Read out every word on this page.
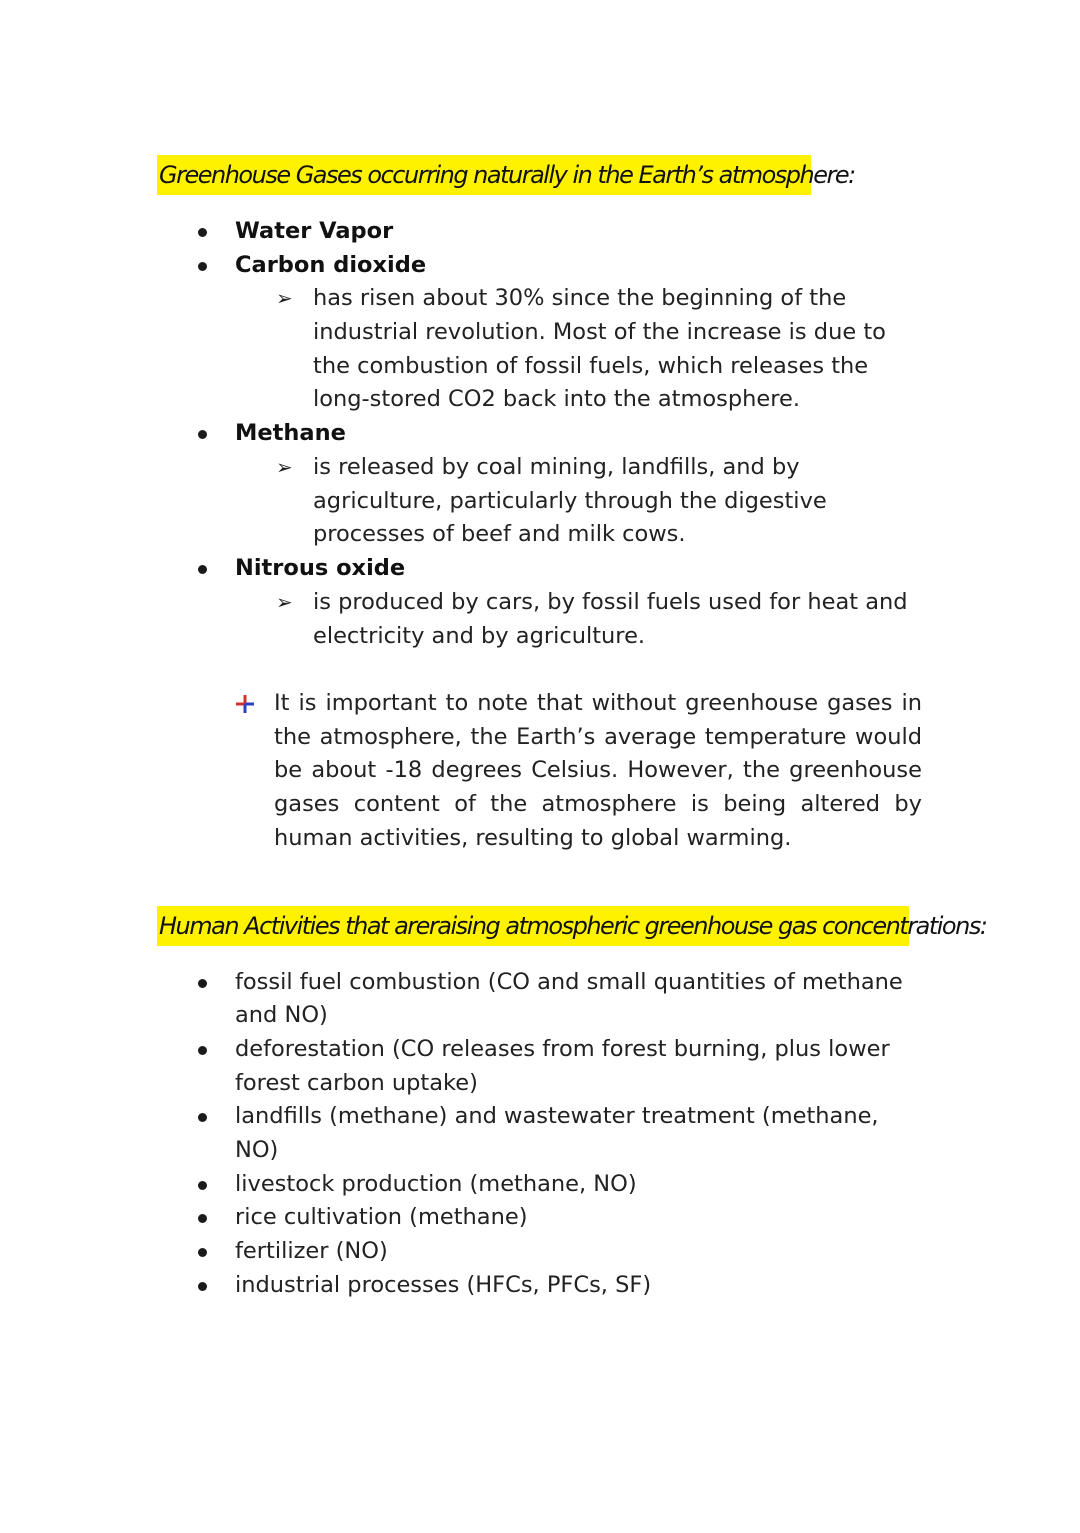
Greenhouse Gases occurring naturally in the Earth’s atmosphere:
Water Vapor
Carbon dioxide
➢ has risen about 30% since the beginning of the
industrial revolution. Most of the increase is due to
the combustion of fossil fuels, which releases the
long-stored CO2 back into the atmosphere.
Methane
➢ is released by coal mining, landfills, and by
agriculture, particularly through the digestive
processes of beef and milk cows.
Nitrous oxide
➢ is produced by cars, by fossil fuels used for heat and
electricity and by agriculture.
It is important to note that without greenhouse gases in the atmosphere, the Earth’s average temperature would be about -18 degrees Celsius. However, the greenhouse gases content of the atmosphere is being altered by human activities, resulting to global warming.
Human Activities that areraising atmospheric greenhouse gas concentrations:
fossil fuel combustion (CO and small quantities of methane
and NO)
deforestation (CO releases from forest burning, plus lower
forest carbon uptake)
landfills (methane) and wastewater treatment (methane,
NO)
livestock production (methane, NO)
rice cultivation (methane)
fertilizer (NO)
industrial processes (HFCs, PFCs, SF)
